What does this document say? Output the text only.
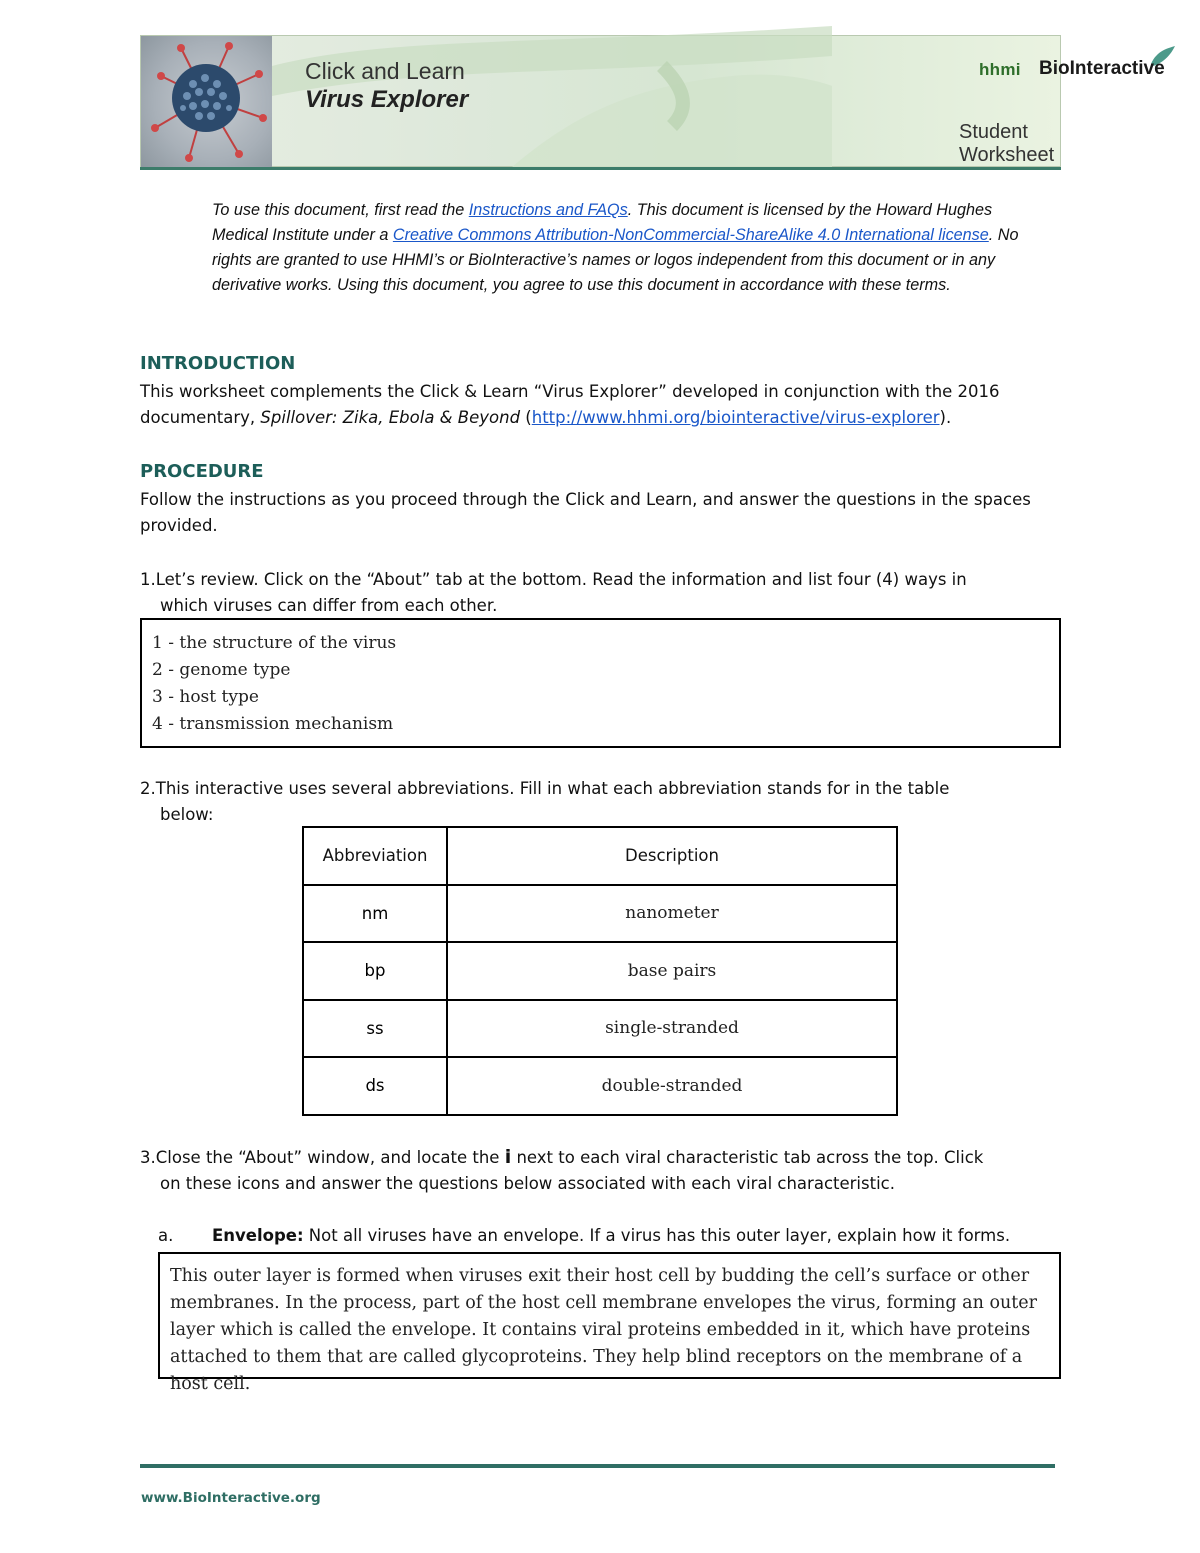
hhmi BioInteractive
Student Worksheet
Click and Learn
Virus Explorer
To use this document, first read the Instructions and FAQs. This document is licensed by the Howard Hughes Medical Institute under a Creative Commons Attribution-NonCommercial-ShareAlike 4.0 International license. No rights are granted to use HHMI’s or BioInteractive’s names or logos independent from this document or in any derivative works. Using this document, you agree to use this document in accordance with these terms.
INTRODUCTION
This worksheet complements the Click & Learn “Virus Explorer” developed in conjunction with the 2016 documentary, Spillover: Zika, Ebola & Beyond (http://www.hhmi.org/biointeractive/virus-explorer).
PROCEDURE
Follow the instructions as you proceed through the Click and Learn, and answer the questions in the spaces provided.
1.Let’s review. Click on the “About” tab at the bottom. Read the information and list four (4) ways in
which viruses can differ from each other.
1 - the structure of the virus
2 - genome type
3 - host type
4 - transmission mechanism
2.This interactive uses several abbreviations. Fill in what each abbreviation stands for in the table
below:
Abbreviation	Description
nm	nanometer
bp	base pairs
ss	single-stranded
ds	double-stranded
3.Close the “About” window, and locate the i next to each viral characteristic tab across the top. Click
on these icons and answer the questions below associated with each viral characteristic.
a. Envelope: Not all viruses have an envelope. If a virus has this outer layer, explain how it forms.
This outer layer is formed when viruses exit their host cell by budding the cell’s surface or other membranes. In the process, part of the host cell membrane envelopes the virus, forming an outer layer which is called the envelope. It contains viral proteins embedded in it, which have proteins attached to them that are called glycoproteins. They help blind receptors on the membrane of a host cell.
www.BioInteractive.org
